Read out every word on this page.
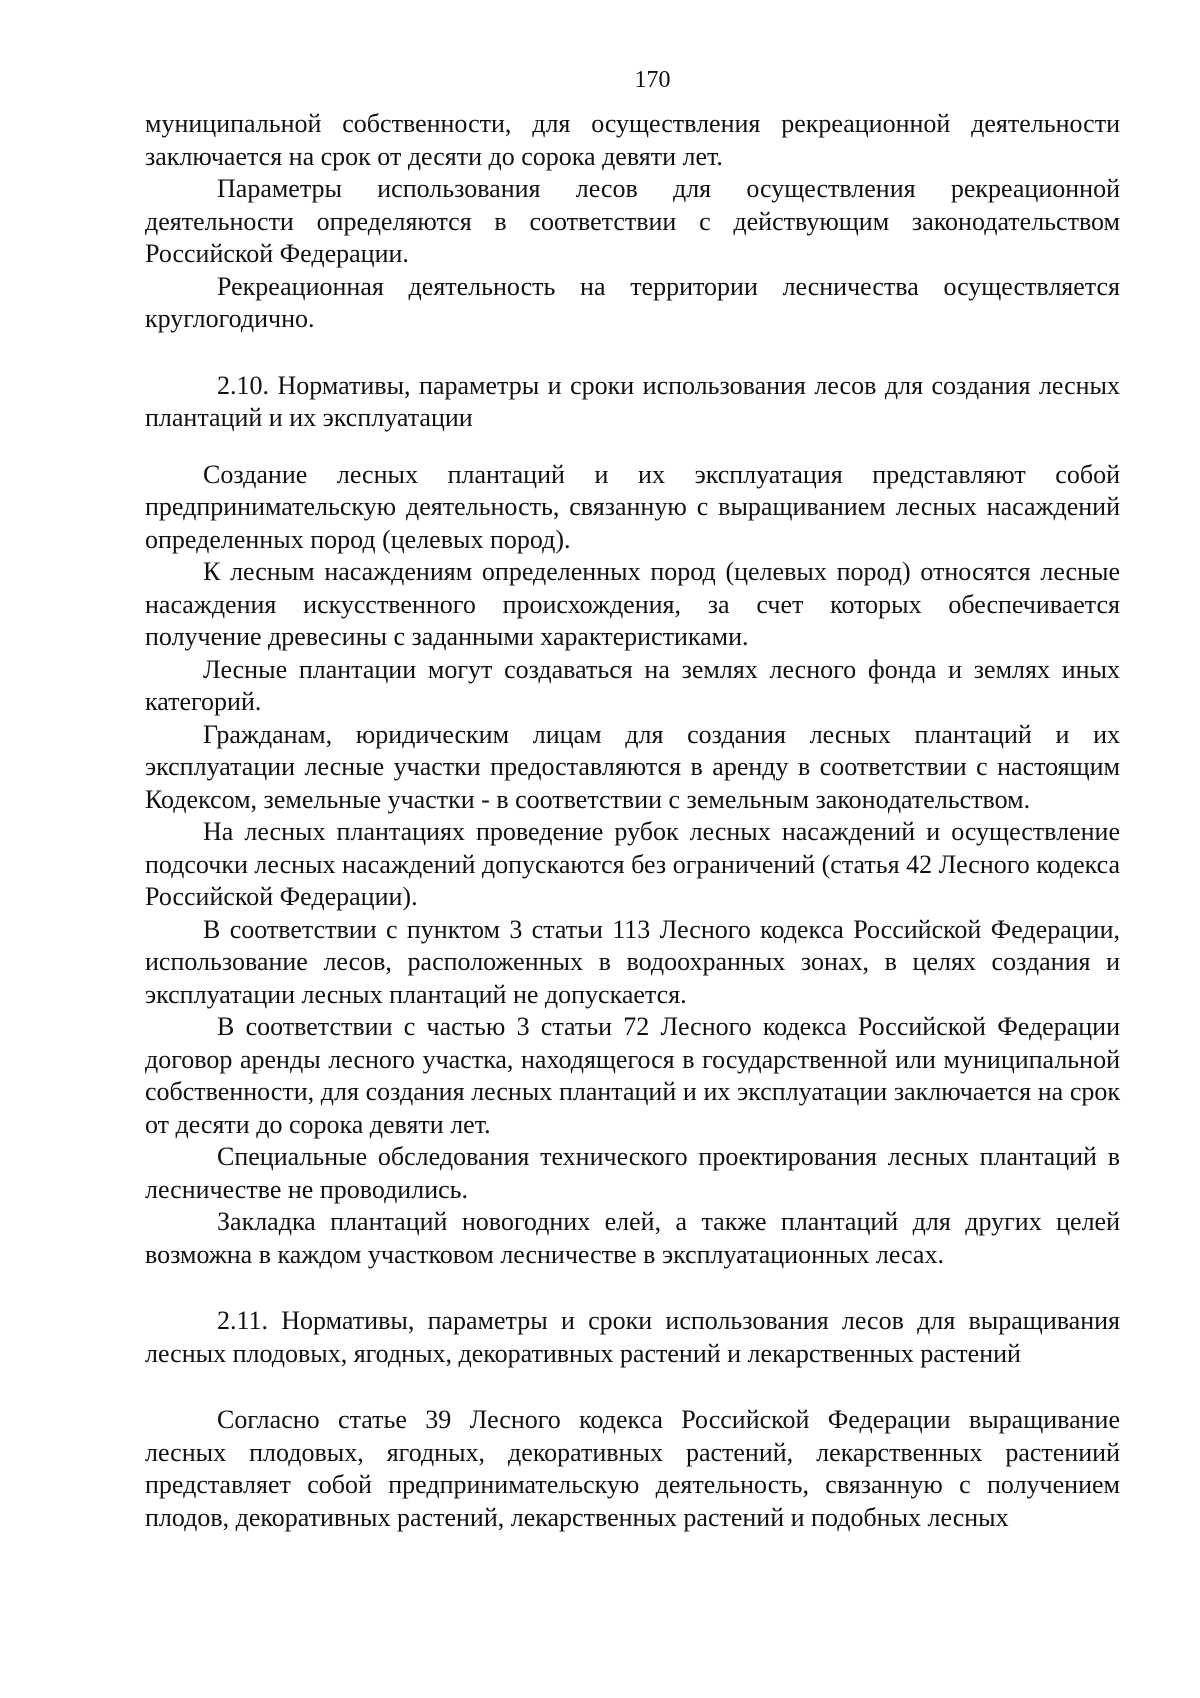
170

муниципальной собственности, для осуществления рекреационной деятельности заключается на срок от десяти до сорока девяти лет.

Параметры использования лесов для осуществления рекреационной деятельности определяются в соответствии с действующим законодательством Российской Федерации.

Рекреационная деятельность на территории лесничества осуществляется круглогодично.

2.10. Нормативы, параметры и сроки использования лесов для создания лесных плантаций и их эксплуатации

Создание лесных плантаций и их эксплуатация представляют собой предпринимательскую деятельность, связанную с выращиванием лесных насаждений определенных пород (целевых пород).

К лесным насаждениям определенных пород (целевых пород) относятся лесные насаждения искусственного происхождения, за счет которых обеспечивается получение древесины с заданными характеристиками.

Лесные плантации могут создаваться на землях лесного фонда и землях иных категорий.

Гражданам, юридическим лицам для создания лесных плантаций и их эксплуатации лесные участки предоставляются в аренду в соответствии с настоящим Кодексом, земельные участки - в соответствии с земельным законодательством.

На лесных плантациях проведение рубок лесных насаждений и осуществление подсочки лесных насаждений допускаются без ограничений (статья 42 Лесного кодекса Российской Федерации).

В соответствии с пунктом 3 статьи 113 Лесного кодекса Российской Федерации, использование лесов, расположенных в водоохранных зонах, в целях создания и эксплуатации лесных плантаций не допускается.

В соответствии с частью 3 статьи 72 Лесного кодекса Российской Федерации договор аренды лесного участка, находящегося в государственной или муниципальной собственности, для создания лесных плантаций и их эксплуатации заключается на срок от десяти до сорока девяти лет.

Специальные обследования технического проектирования лесных плантаций в лесничестве не проводились.

Закладка плантаций новогодних елей, а также плантаций для других целей возможна в каждом участковом лесничестве в эксплуатационных лесах.

2.11. Нормативы, параметры и сроки использования лесов для выращивания лесных плодовых, ягодных, декоративных растений и лекарственных растений

Согласно статье 39 Лесного кодекса Российской Федерации выращивание лесных плодовых, ягодных, декоративных растений, лекарственных растениий представляет собой предпринимательскую деятельность, связанную с получением плодов, декоративных растений, лекарственных растений и подобных лесных
